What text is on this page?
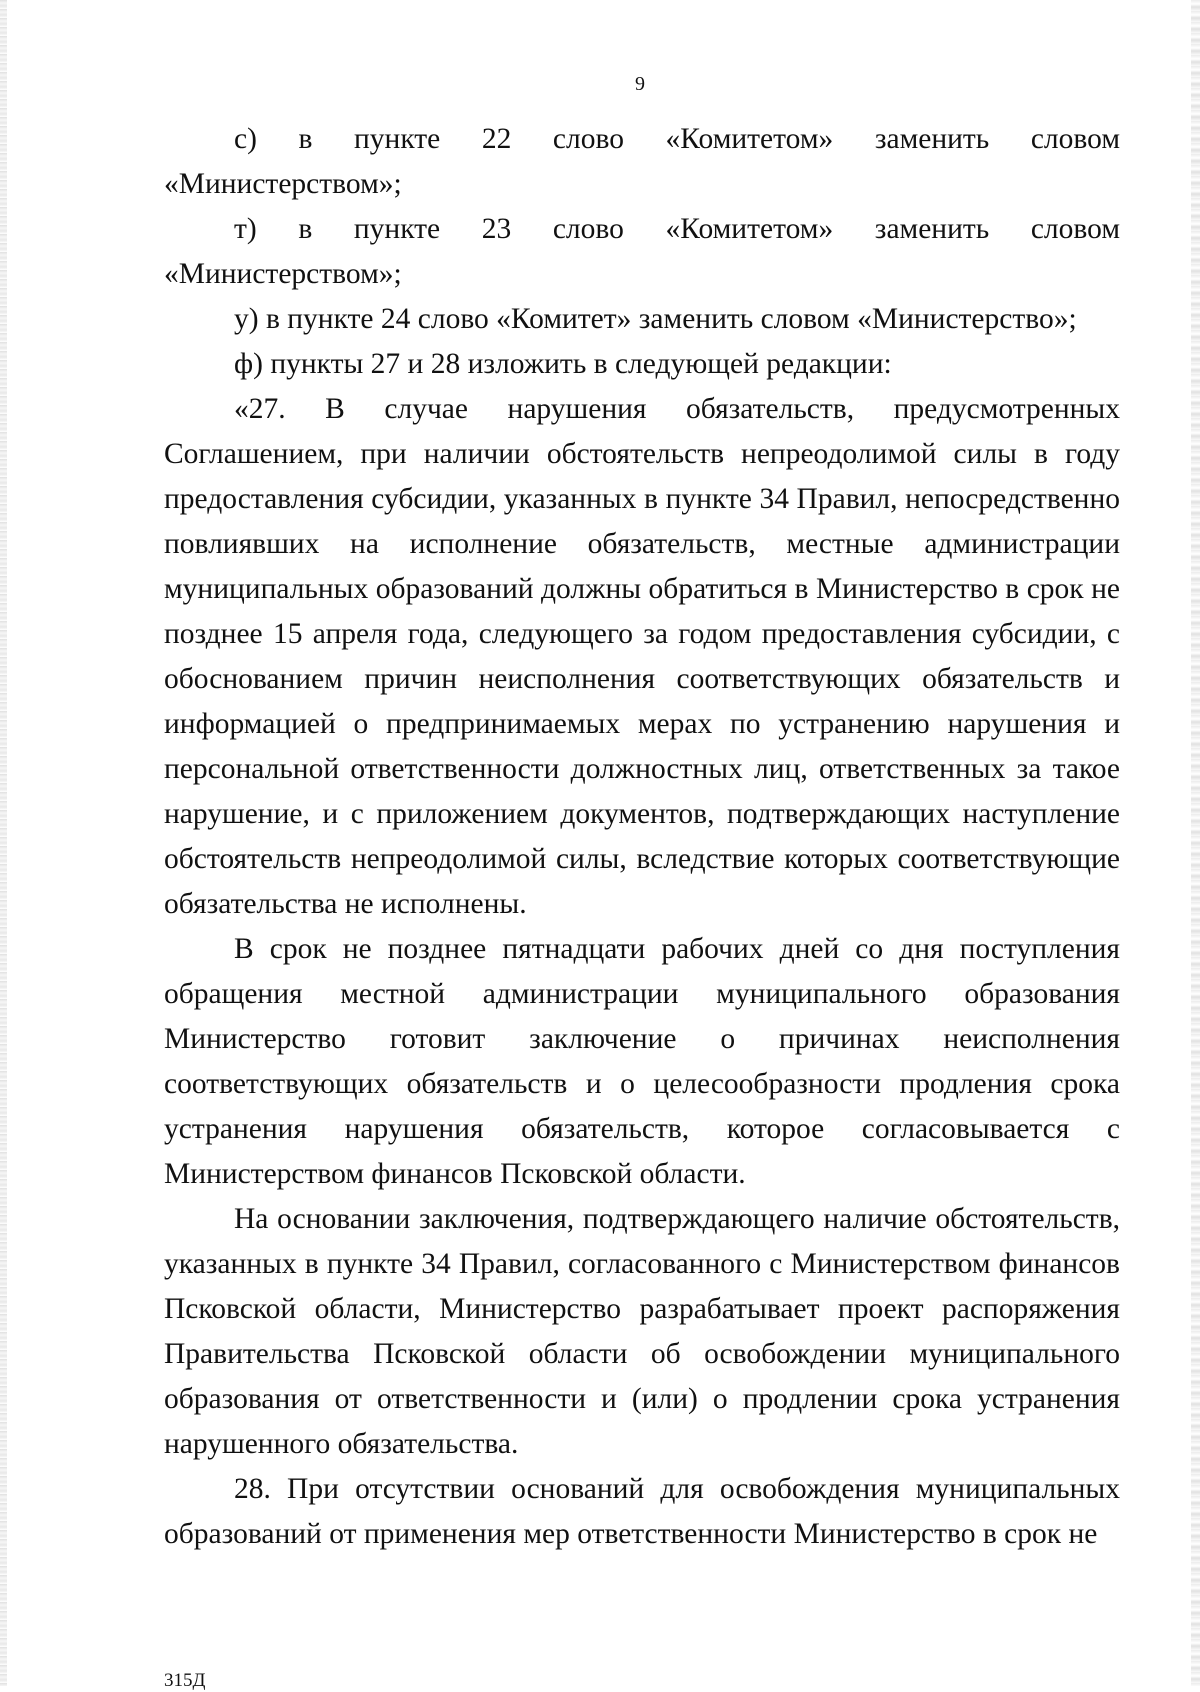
9

с) в пункте 22 слово «Комитетом» заменить словом «Министерством»;

т) в пункте 23 слово «Комитетом» заменить словом «Министерством»;

у) в пункте 24 слово «Комитет» заменить словом «Министерство»;

ф) пункты 27 и 28 изложить в следующей редакции:

«27. В случае нарушения обязательств, предусмотренных Соглашением, при наличии обстоятельств непреодолимой силы в году предоставления субсидии, указанных в пункте 34 Правил, непосредственно повлиявших на исполнение обязательств, местные администрации муниципальных образований должны обратиться в Министерство в срок не позднее 15 апреля года, следующего за годом предоставления субсидии, с обоснованием причин неисполнения соответствующих обязательств и информацией о предпринимаемых мерах по устранению нарушения и персональной ответственности должностных лиц, ответственных за такое нарушение, и с приложением документов, подтверждающих наступление обстоятельств непреодолимой силы, вследствие которых соответствующие обязательства не исполнены.

В срок не позднее пятнадцати рабочих дней со дня поступления обращения местной администрации муниципального образования Министерство готовит заключение о причинах неисполнения соответствующих обязательств и о целесообразности продления срока устранения нарушения обязательств, которое согласовывается с Министерством финансов Псковской области.

На основании заключения, подтверждающего наличие обстоятельств, указанных в пункте 34 Правил, согласованного с Министерством финансов Псковской области, Министерство разрабатывает проект распоряжения Правительства Псковской области об освобождении муниципального образования от ответственности и (или) о продлении срока устранения нарушенного обязательства.

28. При отсутствии оснований для освобождения муниципальных образований от применения мер ответственности Министерство в срок не

315Д
